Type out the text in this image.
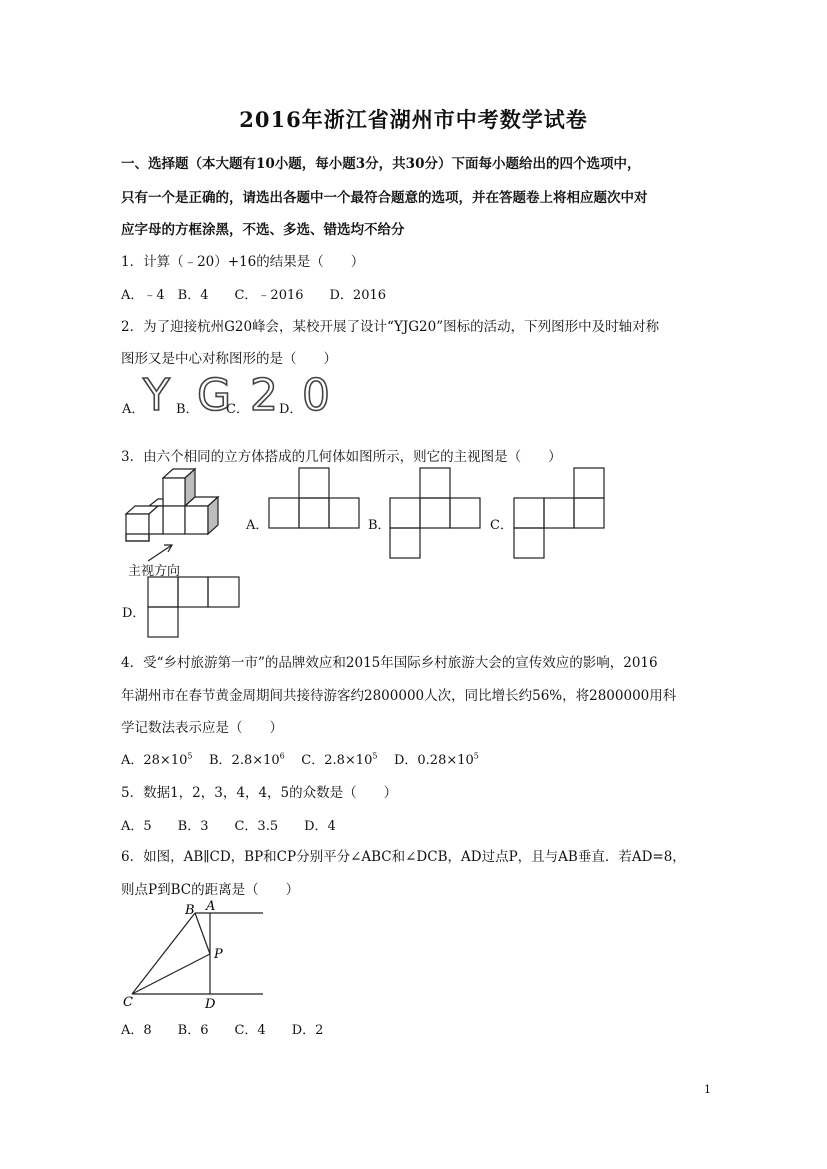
2016年浙江省湖州市中考数学试卷
一、选择题（本大题有10小题，每小题3分，共30分）下面每小题给出的四个选项中，
只有一个是正确的，请选出各题中一个最符合题意的选项，并在答题卷上将相应题次中对
应字母的方框涂黑，不选、多选、错选均不给分
1．计算（﹣20）+16的结果是（　　）
A．﹣4　B．4　　C．﹣2016　　D．2016
2．为了迎接杭州G20峰会，某校开展了设计“YJG20”图标的活动，下列图形中及时轴对称
图形又是中心对称图形的是（　　）
A．
Y B．
G
C． 2 D． 0
3．由六个相同的立方体搭成的几何体如图所示，则它的主视图是（　　）
主视方向
A．	B．	C．
D．
4．受“乡村旅游第一市”的品牌效应和2015年国际乡村旅游大会的宣传效应的影响，2016
年湖州市在春节黄金周期间共接待游客约2800000人次，同比增长约56%，将2800000用科
学记数法表示应是（　　）
A．$28\times 10^5$ B．$2.8\times 10^6$ C．$2.8\times 10^5$ D．$0.28\times 10^5$
5．数据1，2，3，4，4，5的众数是（　　）
A．5　　B．3　　C．3.5　　D．4
6．如图，AB∥CD，BP和CP分别平分∠ABC和∠DCB，AD过点P，且与AB垂直．若AD=8，
则点P到BC的距离是（　　）
B A
P
C	D
A．8　　B．6　　C．4　　D．2
1
